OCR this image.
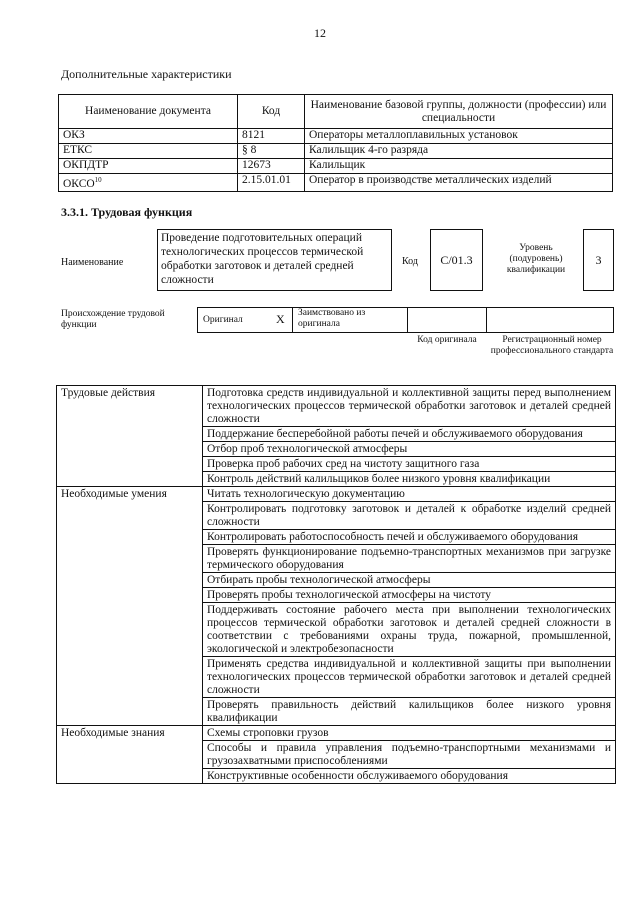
12
Дополнительные характеристики
Наименование документа	Код	Наименование базовой группы, должности (профессии) или специальности
ОКЗ	8121	Операторы металлоплавильных установок
ЕТКС	§ 8	Калильщик 4-го разряда
ОКПДТР	12673	Калильщик
ОКСО$^{10}$	2.15.01.01	Оператор в производстве металлических изделий
3.3.1. Трудовая функция
Наименование
Проведение подготовительных операций технологических процессов термической обработки заготовок и деталей средней сложности
Код	С/01.3
Уровень (подуровень) квалификации
3
Происхождение трудовой функции	Оригинал	X Заимствовано из оригинала
Код оригинала	Регистрационный номер профессионального стандарта
Трудовые действия	Подготовка средств индивидуальной и коллективной защиты перед выполнением технологических процессов термической обработки заготовок и деталей средней сложности
	Поддержание бесперебойной работы печей и обслуживаемого оборудования
	Отбор проб технологической атмосферы
	Проверка проб рабочих сред на чистоту защитного газа
	Контроль действий калильщиков более низкого уровня квалификации
Необходимые умения	Читать технологическую документацию
	Контролировать подготовку заготовок и деталей к обработке изделий средней сложности
	Контролировать работоспособность печей и обслуживаемого оборудования
	Проверять функционирование подъемно-транспортных механизмов при загрузке термического оборудования
	Отбирать пробы технологической атмосферы
	Проверять пробы технологической атмосферы на чистоту
	Поддерживать состояние рабочего места при выполнении технологических процессов термической обработки заготовок и деталей средней сложности в соответствии с требованиями охраны труда, пожарной, промышленной, экологической и электробезопасности
	Применять средства индивидуальной и коллективной защиты при выполнении технологических процессов термической обработки заготовок и деталей средней сложности
	Проверять правильность действий калильщиков более низкого уровня квалификации
Необходимые знания	Схемы строповки грузов
	Способы и правила управления подъемно-транспортными механизмами и грузозахватными приспособлениями
	Конструктивные особенности обслуживаемого оборудования
